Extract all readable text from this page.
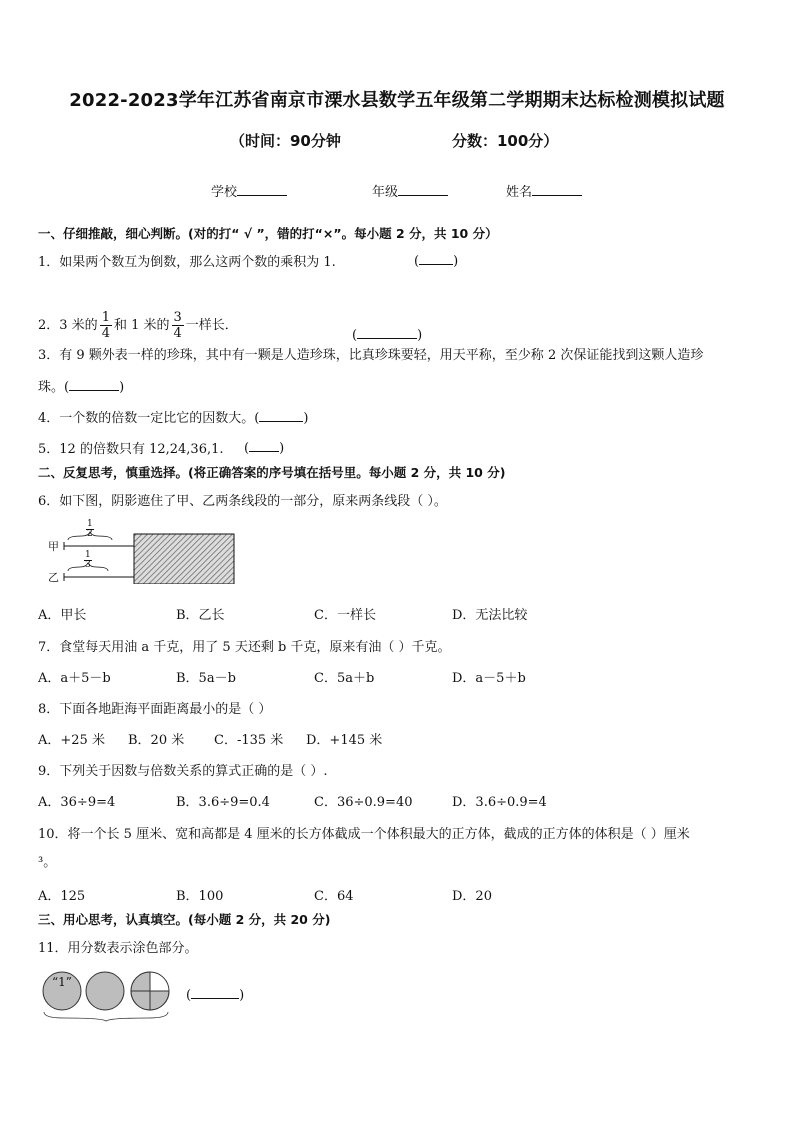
2022-2023学年江苏省南京市溧水县数学五年级第二学期期末达标检测模拟试题
（时间：90分钟	分数：100分）
学校	年级	姓名
一、仔细推敲，细心判断。(对的打“ √ ”，错的打“×”。每小题 2 分，共 10 分）
1．如果两个数互为倒数，那么这两个数的乘积为 1.	(	)
2．3 米的 $\frac{1}{4}$ 和 1 米的 $\frac{3}{4}$ 一样长．
(	)
3．有 9 颗外表一样的珍珠，其中有一颗是人造珍珠，比真珍珠要轻，用天平称，至少称 2 次保证能找到这颗人造珍
珠。(	)
4．一个数的倍数一定比它的因数大。(	)
5．12 的倍数只有 12,24,36,1. ( )
二、反复思考，慎重选择。(将正确答案的序号填在括号里。每小题 2 分，共 10 分)
6．如下图，阴影遮住了甲、乙两条线段的一部分，原来两条线段（ ）。
甲
乙
$\frac{1}{2}$
$\frac{1}{3}$
A．甲长	B．乙长	C．一样长	D．无法比较
7．食堂每天用油 a 千克，用了 5 天还剩 b 千克，原来有油（ ）千克。
A．a＋5－b	B．5a－b	C．5a＋b	D．a－5＋b
8．下面各地距海平面距离最小的是（ ）
A．+25 米 B．20 米 C．-135 米 D．+145 米
9．下列关于因数与倍数关系的算式正确的是（ ）.
A．36÷9=4	B．3.6÷9=0.4	C．36÷0.9=40	D．3.6÷0.9=4
10．将一个长 5 厘米、宽和高都是 4 厘米的长方体截成一个体积最大的正方体，截成的正方体的体积是（ ）厘米
³。
A．125	B．100	C．64	D．20
三、用心思考，认真填空。(每小题 2 分，共 20 分)
11．用分数表示涂色部分。
“1”
(	)
